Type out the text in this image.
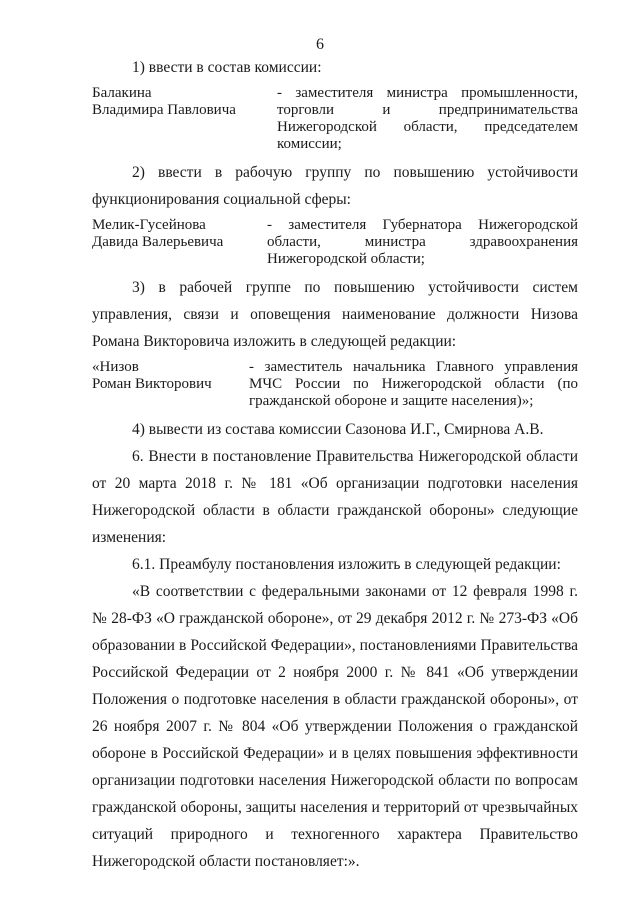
6

1) ввести в состав комиссии:

Балакина
Владимира Павловича
- заместителя министра промышленности, торговли и предпринимательства Нижегородской области, председателем комиссии;

2) ввести в рабочую группу по повышению устойчивости функционирования социальной сферы:

Мелик-Гусейнова
Давида Валерьевича
- заместителя Губернатора Нижегородской области, министра здравоохранения Нижегородской области;

3) в рабочей группе по повышению устойчивости систем управления, связи и оповещения наименование должности Низова Романа Викторовича изложить в следующей редакции:

«Низов
Роман Викторович
- заместитель начальника Главного управления МЧС России по Нижегородской области (по гражданской обороне и защите населения)»;

4) вывести из состава комиссии Сазонова И.Г., Смирнова А.В.

6. Внести в постановление Правительства Нижегородской области от 20 марта 2018 г. № 181 «Об организации подготовки населения Нижегородской области в области гражданской обороны» следующие изменения:

6.1. Преамбулу постановления изложить в следующей редакции:

«В соответствии с федеральными законами от 12 февраля 1998 г. № 28-ФЗ «О гражданской обороне», от 29 декабря 2012 г. № 273-ФЗ «Об образовании в Российской Федерации», постановлениями Правительства Российской Федерации от 2 ноября 2000 г. № 841 «Об утверждении Положения о подготовке населения в области гражданской обороны», от 26 ноября 2007 г. № 804 «Об утверждении Положения о гражданской обороне в Российской Федерации» и в целях повышения эффективности организации подготовки населения Нижегородской области по вопросам гражданской обороны, защиты населения и территорий от чрезвычайных ситуаций природного и техногенного характера Правительство Нижегородской области постановляет:».
